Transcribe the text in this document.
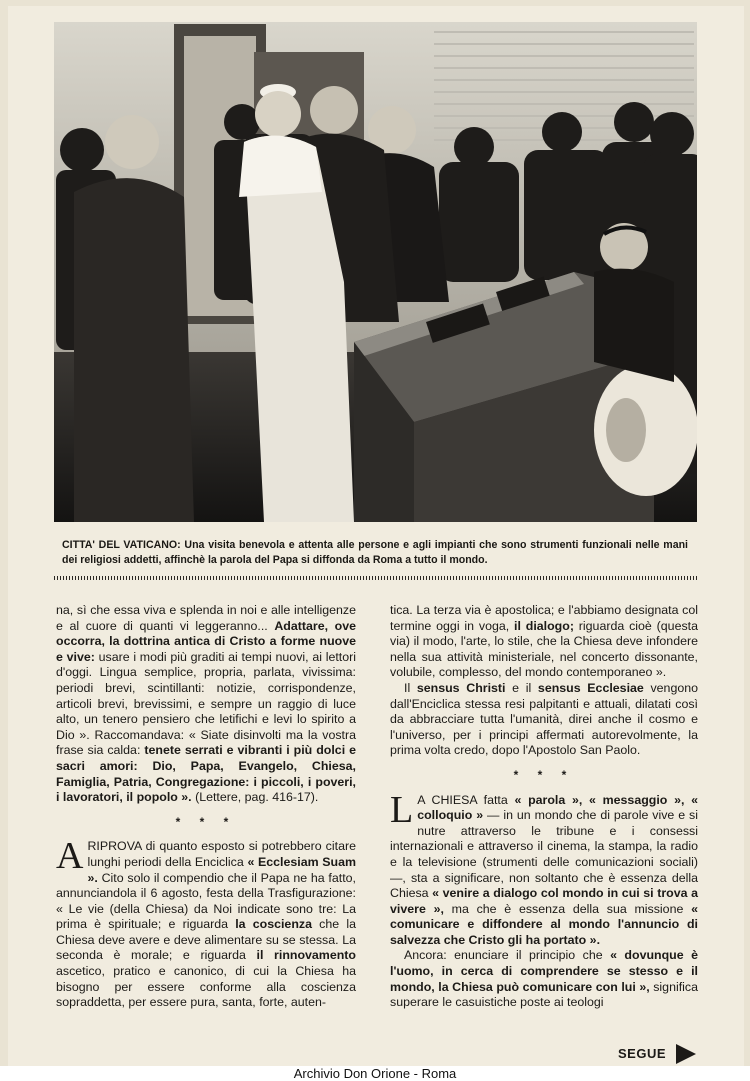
CITTA' DEL VATICANO: Una visita benevola e attenta alle persone e agli impianti che sono strumenti funzionali nelle mani dei religiosi addetti, affinchè la parola del Papa si diffonda da Roma a tutto il mondo.

na, sì che essa viva e splenda in noi e alle intelligenze e al cuore di quanti vi leggeranno... Adattare, ove occorra, la dottrina antica di Cristo a forme nuove e vive: usare i modi più graditi ai tempi nuovi, ai lettori d'oggi. Lingua semplice, propria, parlata, vivissima: periodi brevi, scintillanti: notizie, corrispondenze, articoli brevi, brevissimi, e sempre un raggio di luce alto, un tenero pensiero che letifichi e levi lo spirito a Dio ». Raccomandava: « Siate disinvolti ma la vostra frase sia calda: tenete serrati e vibranti i più dolci e sacri amori: Dio, Papa, Evangelo, Chiesa, Famiglia, Patria, Congregazione: i piccoli, i poveri, i lavoratori, il popolo ». (Lettere, pag. 416-17).

* * *

ARIPROVA di quanto esposto si potrebbero citare lunghi periodi della Enciclica « Ecclesiam Suam ». Cito solo il compendio che il Papa ne ha fatto, annunciandola il 6 agosto, festa della Trasfigurazione: « Le vie (della Chiesa) da Noi indicate sono tre: La prima è spirituale; e riguarda la coscienza che la Chiesa deve avere e deve alimentare su se stessa. La seconda è morale; e riguarda il rinnovamento ascetico, pratico e canonico, di cui la Chiesa ha bisogno per essere conforme alla coscienza sopraddetta, per essere pura, santa, forte, auten-

tica. La terza via è apostolica; e l'abbiamo designata col termine oggi in voga, il dialogo; riguarda cioè (questa via) il modo, l'arte, lo stile, che la Chiesa deve infondere nella sua attività ministeriale, nel concerto dissonante, volubile, complesso, del mondo contemporaneo ».

Il sensus Christi e il sensus Ecclesiae vengono dall'Enciclica stessa resi palpitanti e attuali, dilatati così da abbracciare tutta l'umanità, direi anche il cosmo e l'universo, per i principi affermati autorevolmente, la prima volta credo, dopo l'Apostolo San Paolo.

* * *

L A CHIESA fatta « parola », « messaggio », « colloquio » — in un mondo che di parole vive e si nutre attraverso le tribune e i consessi internazionali e attraverso il cinema, la stampa, la radio e la televisione (strumenti delle comunicazioni sociali) —, sta a significare, non soltanto che è essenza della Chiesa « venire a dialogo col mondo in cui si trova a vivere », ma che è essenza della sua missione « comunicare e diffondere al mondo l'annuncio di salvezza che Cristo gli ha portato ».

Ancora: enunciare il principio che « dovunque è l'uomo, in cerca di comprendere se stesso e il mondo, la Chiesa può comunicare con lui », significa superare le casuistiche poste ai teologi

SEGUE
Archivio Don Orione - Roma
